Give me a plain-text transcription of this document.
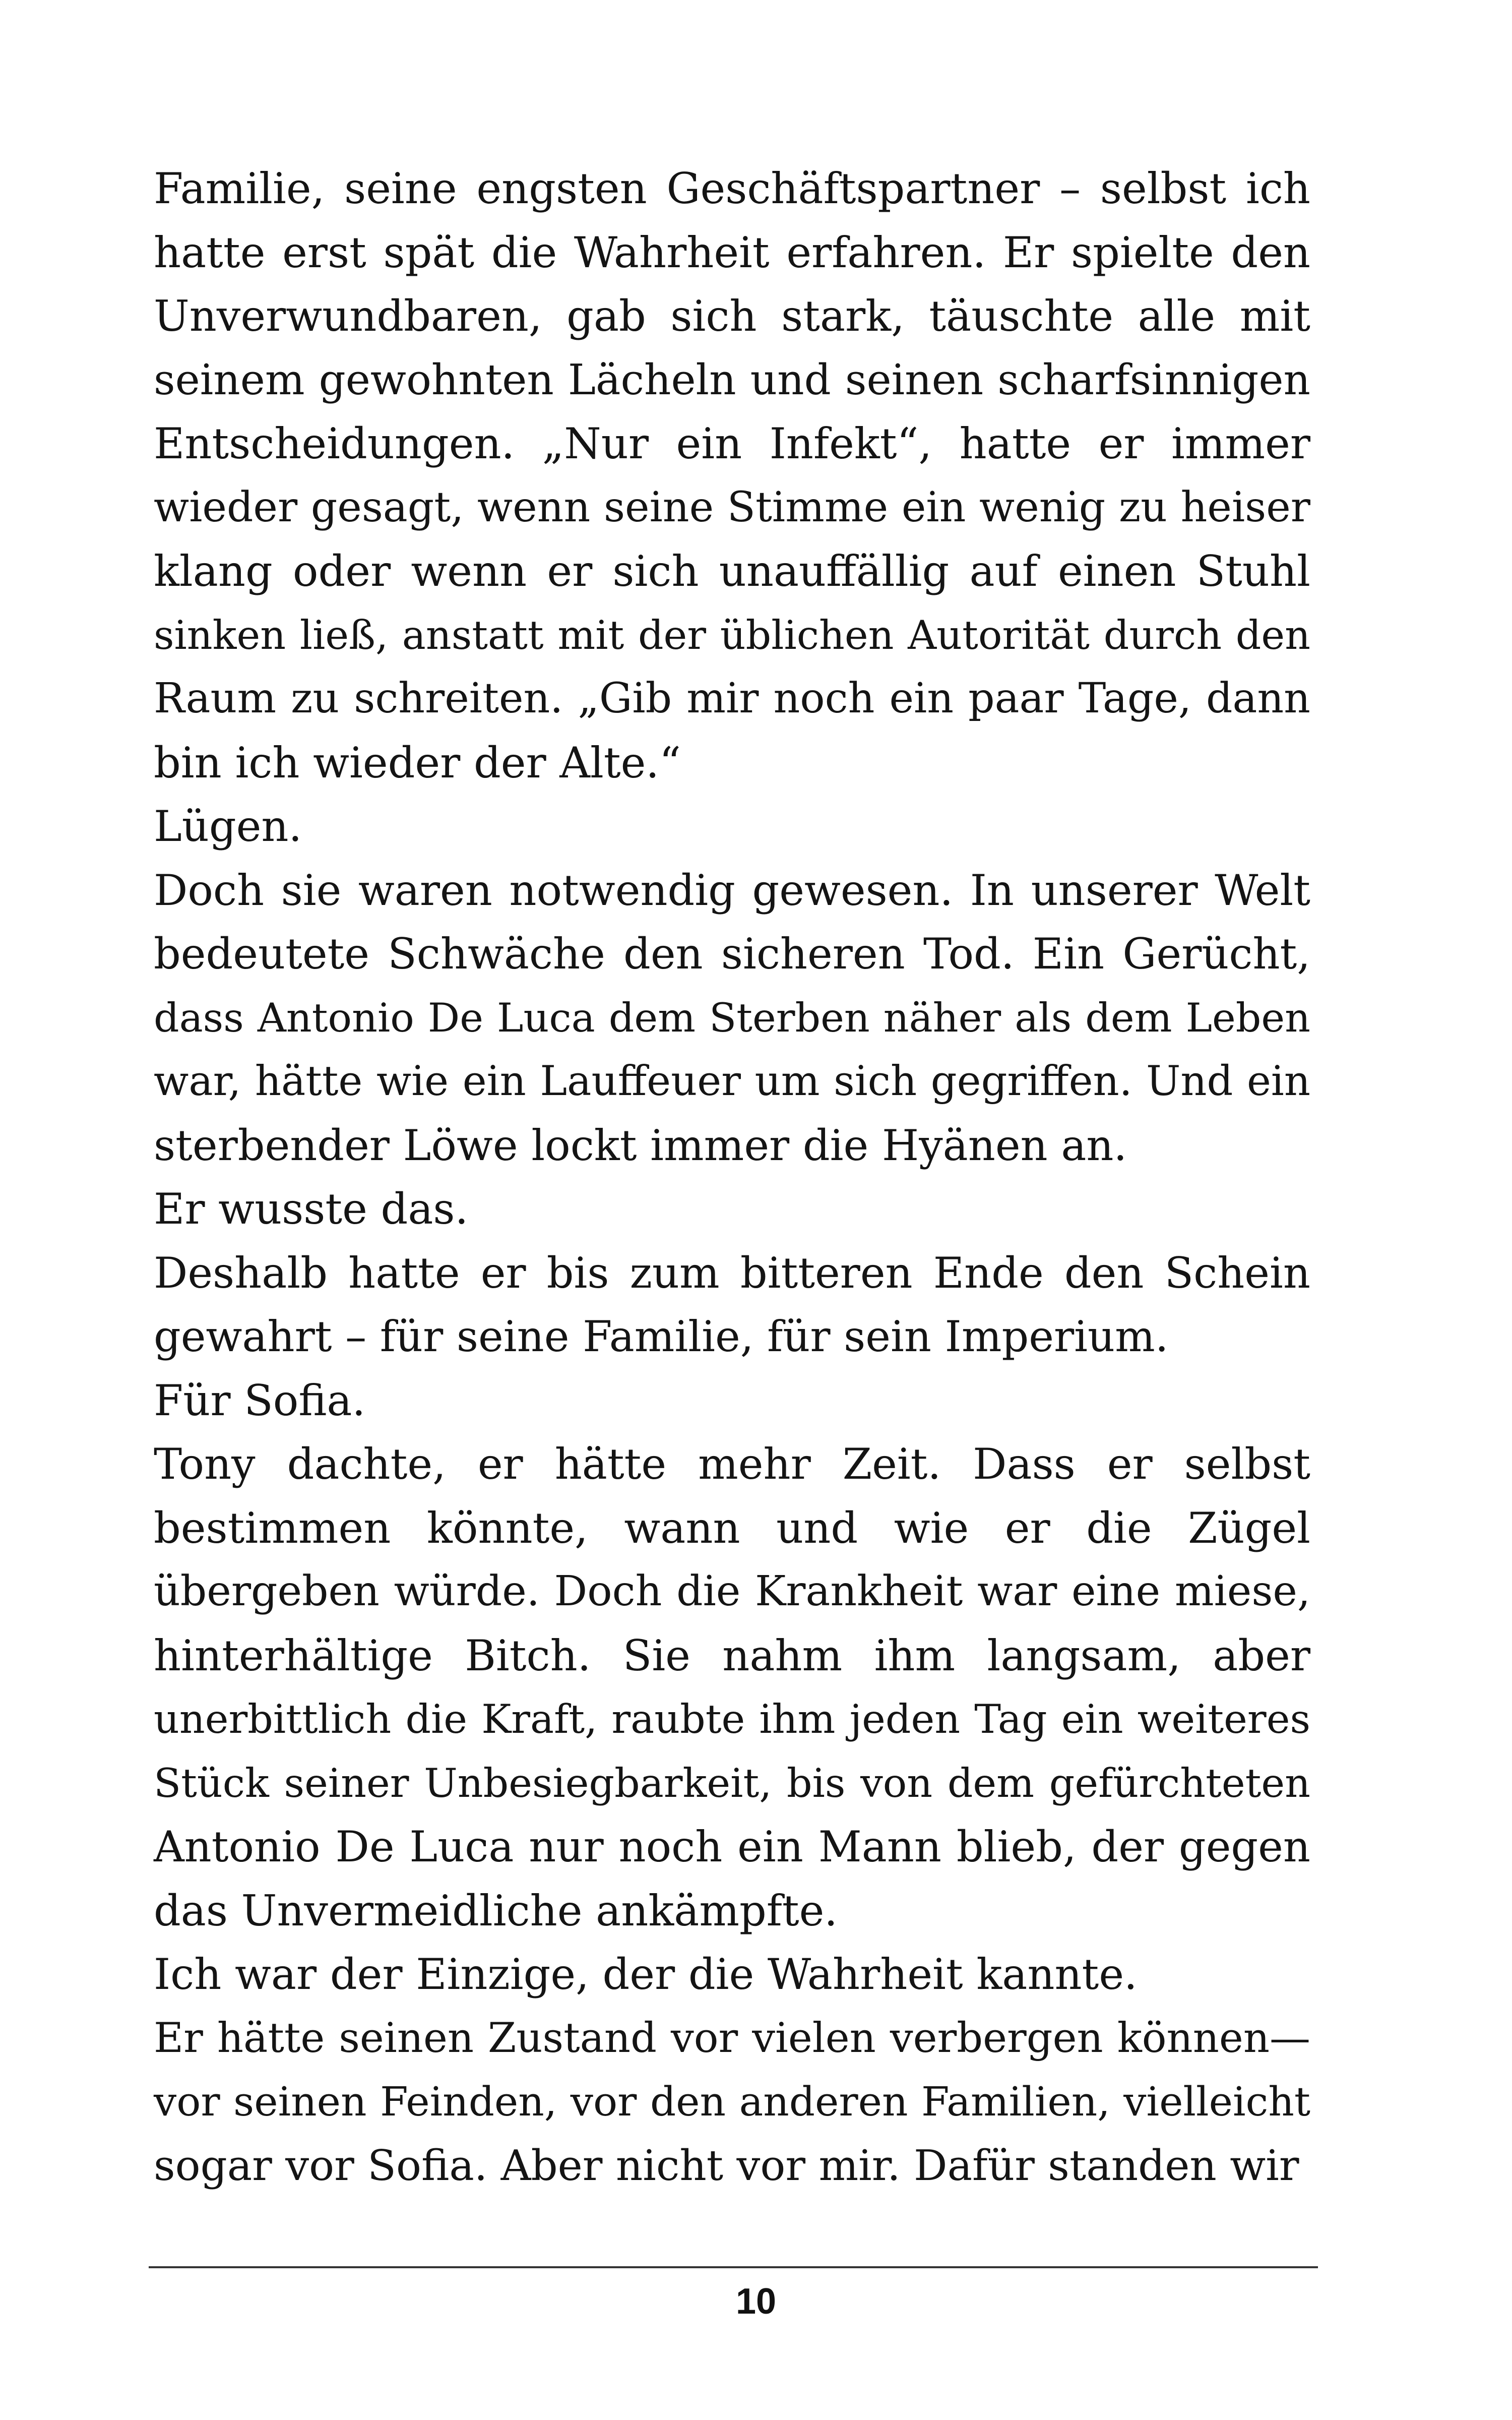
Familie, seine engsten Geschäftspartner – selbst ich
hatte erst spät die Wahrheit erfahren. Er spielte den
Unverwundbaren, gab sich stark, täuschte alle mit
seinem gewohnten Lächeln und seinen scharfsinnigen
Entscheidungen. „Nur ein Infekt“, hatte er immer
wieder gesagt, wenn seine Stimme ein wenig zu heiser
klang oder wenn er sich unauffällig auf einen Stuhl
sinken ließ, anstatt mit der üblichen Autorität durch den
Raum zu schreiten. „Gib mir noch ein paar Tage, dann
bin ich wieder der Alte.“
Lügen.
Doch sie waren notwendig gewesen. In unserer Welt
bedeutete Schwäche den sicheren Tod. Ein Gerücht,
dass Antonio De Luca dem Sterben näher als dem Leben
war, hätte wie ein Lauffeuer um sich gegriffen. Und ein
sterbender Löwe lockt immer die Hyänen an.
Er wusste das.
Deshalb hatte er bis zum bitteren Ende den Schein
gewahrt – für seine Familie, für sein Imperium.
Für Sofia.
Tony dachte, er hätte mehr Zeit. Dass er selbst
bestimmen könnte, wann und wie er die Zügel
übergeben würde. Doch die Krankheit war eine miese,
hinterhältige Bitch. Sie nahm ihm langsam, aber
unerbittlich die Kraft, raubte ihm jeden Tag ein weiteres
Stück seiner Unbesiegbarkeit, bis von dem gefürchteten
Antonio De Luca nur noch ein Mann blieb, der gegen
das Unvermeidliche ankämpfte.
Ich war der Einzige, der die Wahrheit kannte.
Er hätte seinen Zustand vor vielen verbergen können—
vor seinen Feinden, vor den anderen Familien, vielleicht
sogar vor Sofia. Aber nicht vor mir. Dafür standen wir
10
